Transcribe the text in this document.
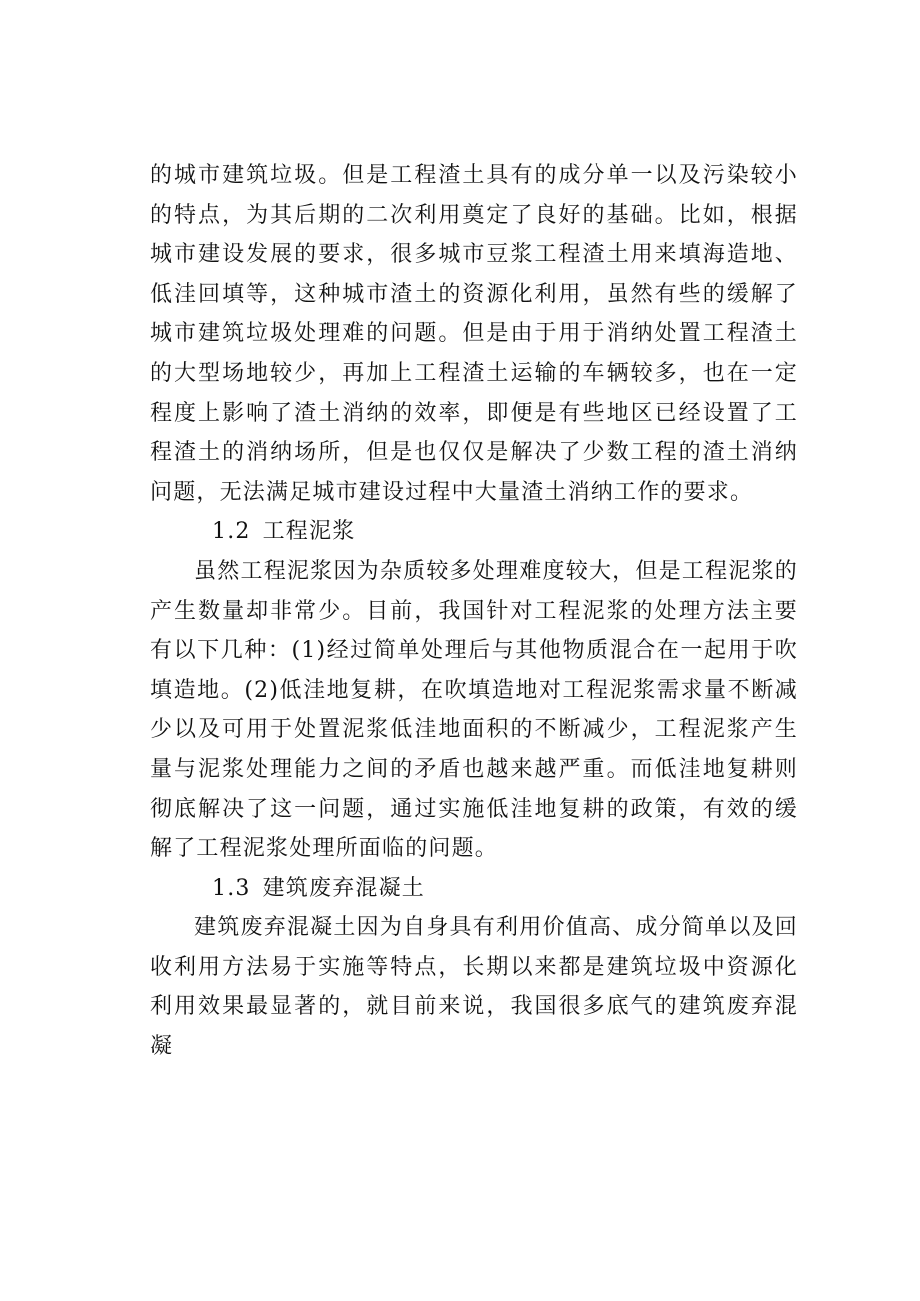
的城市建筑垃圾。但是工程渣土具有的成分单一以及污染较小的特点，为其后期的二次利用奠定了良好的基础。比如，根据城市建设发展的要求，很多城市豆浆工程渣土用来填海造地、低洼回填等，这种城市渣土的资源化利用，虽然有些的缓解了城市建筑垃圾处理难的问题。但是由于用于消纳处置工程渣土的大型场地较少，再加上工程渣土运输的车辆较多，也在一定程度上影响了渣土消纳的效率，即便是有些地区已经设置了工程渣土的消纳场所，但是也仅仅是解决了少数工程的渣土消纳问题，无法满足城市建设过程中大量渣土消纳工作的要求。

1.2 工程泥浆

虽然工程泥浆因为杂质较多处理难度较大，但是工程泥浆的产生数量却非常少。目前，我国针对工程泥浆的处理方法主要有以下几种：(1)经过简单处理后与其他物质混合在一起用于吹填造地。(2)低洼地复耕，在吹填造地对工程泥浆需求量不断减少以及可用于处置泥浆低洼地面积的不断减少，工程泥浆产生量与泥浆处理能力之间的矛盾也越来越严重。而低洼地复耕则彻底解决了这一问题，通过实施低洼地复耕的政策，有效的缓解了工程泥浆处理所面临的问题。

1.3 建筑废弃混凝土

建筑废弃混凝土因为自身具有利用价值高、成分简单以及回收利用方法易于实施等特点，长期以来都是建筑垃圾中资源化利用效果最显著的，就目前来说，我国很多底气的建筑废弃混凝
